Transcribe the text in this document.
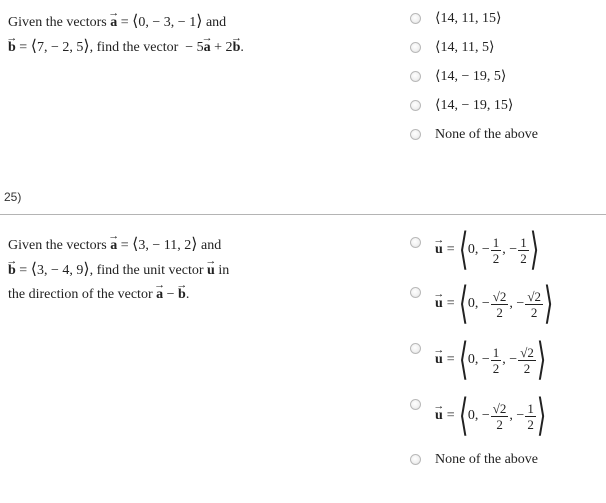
Given the vectors → a = ⟨0, − 3, − 1⟩ and
→ b = ⟨7, − 2, 5⟩, find the vector − 5→ a + 2→ b.
⟨14, 11, 15⟩
⟨14, 11, 5⟩
⟨14, − 19, 5⟩
⟨14, − 19, 15⟩
None of the above
25)
Given the vectors → a = ⟨3, − 11, 2⟩ and
→ b = ⟨3, − 4, 9⟩, find the unit vector → u in
the direction of the vector → a − → b.
→ u = ⟨ 0, − $\frac{1}{2}$ , − $\frac{1}{2}$ ⟩
→ u = ⟨ 0, − $\frac{√2}{2}$ , − $\frac{√2}{2}$ ⟩
→ u = ⟨ 0, − $\frac{1}{2}$ , − $\frac{√2}{2}$ ⟩
→ u = ⟨ 0, − $\frac{√2}{2}$ , − $\frac{1}{2}$ ⟩
None of the above
